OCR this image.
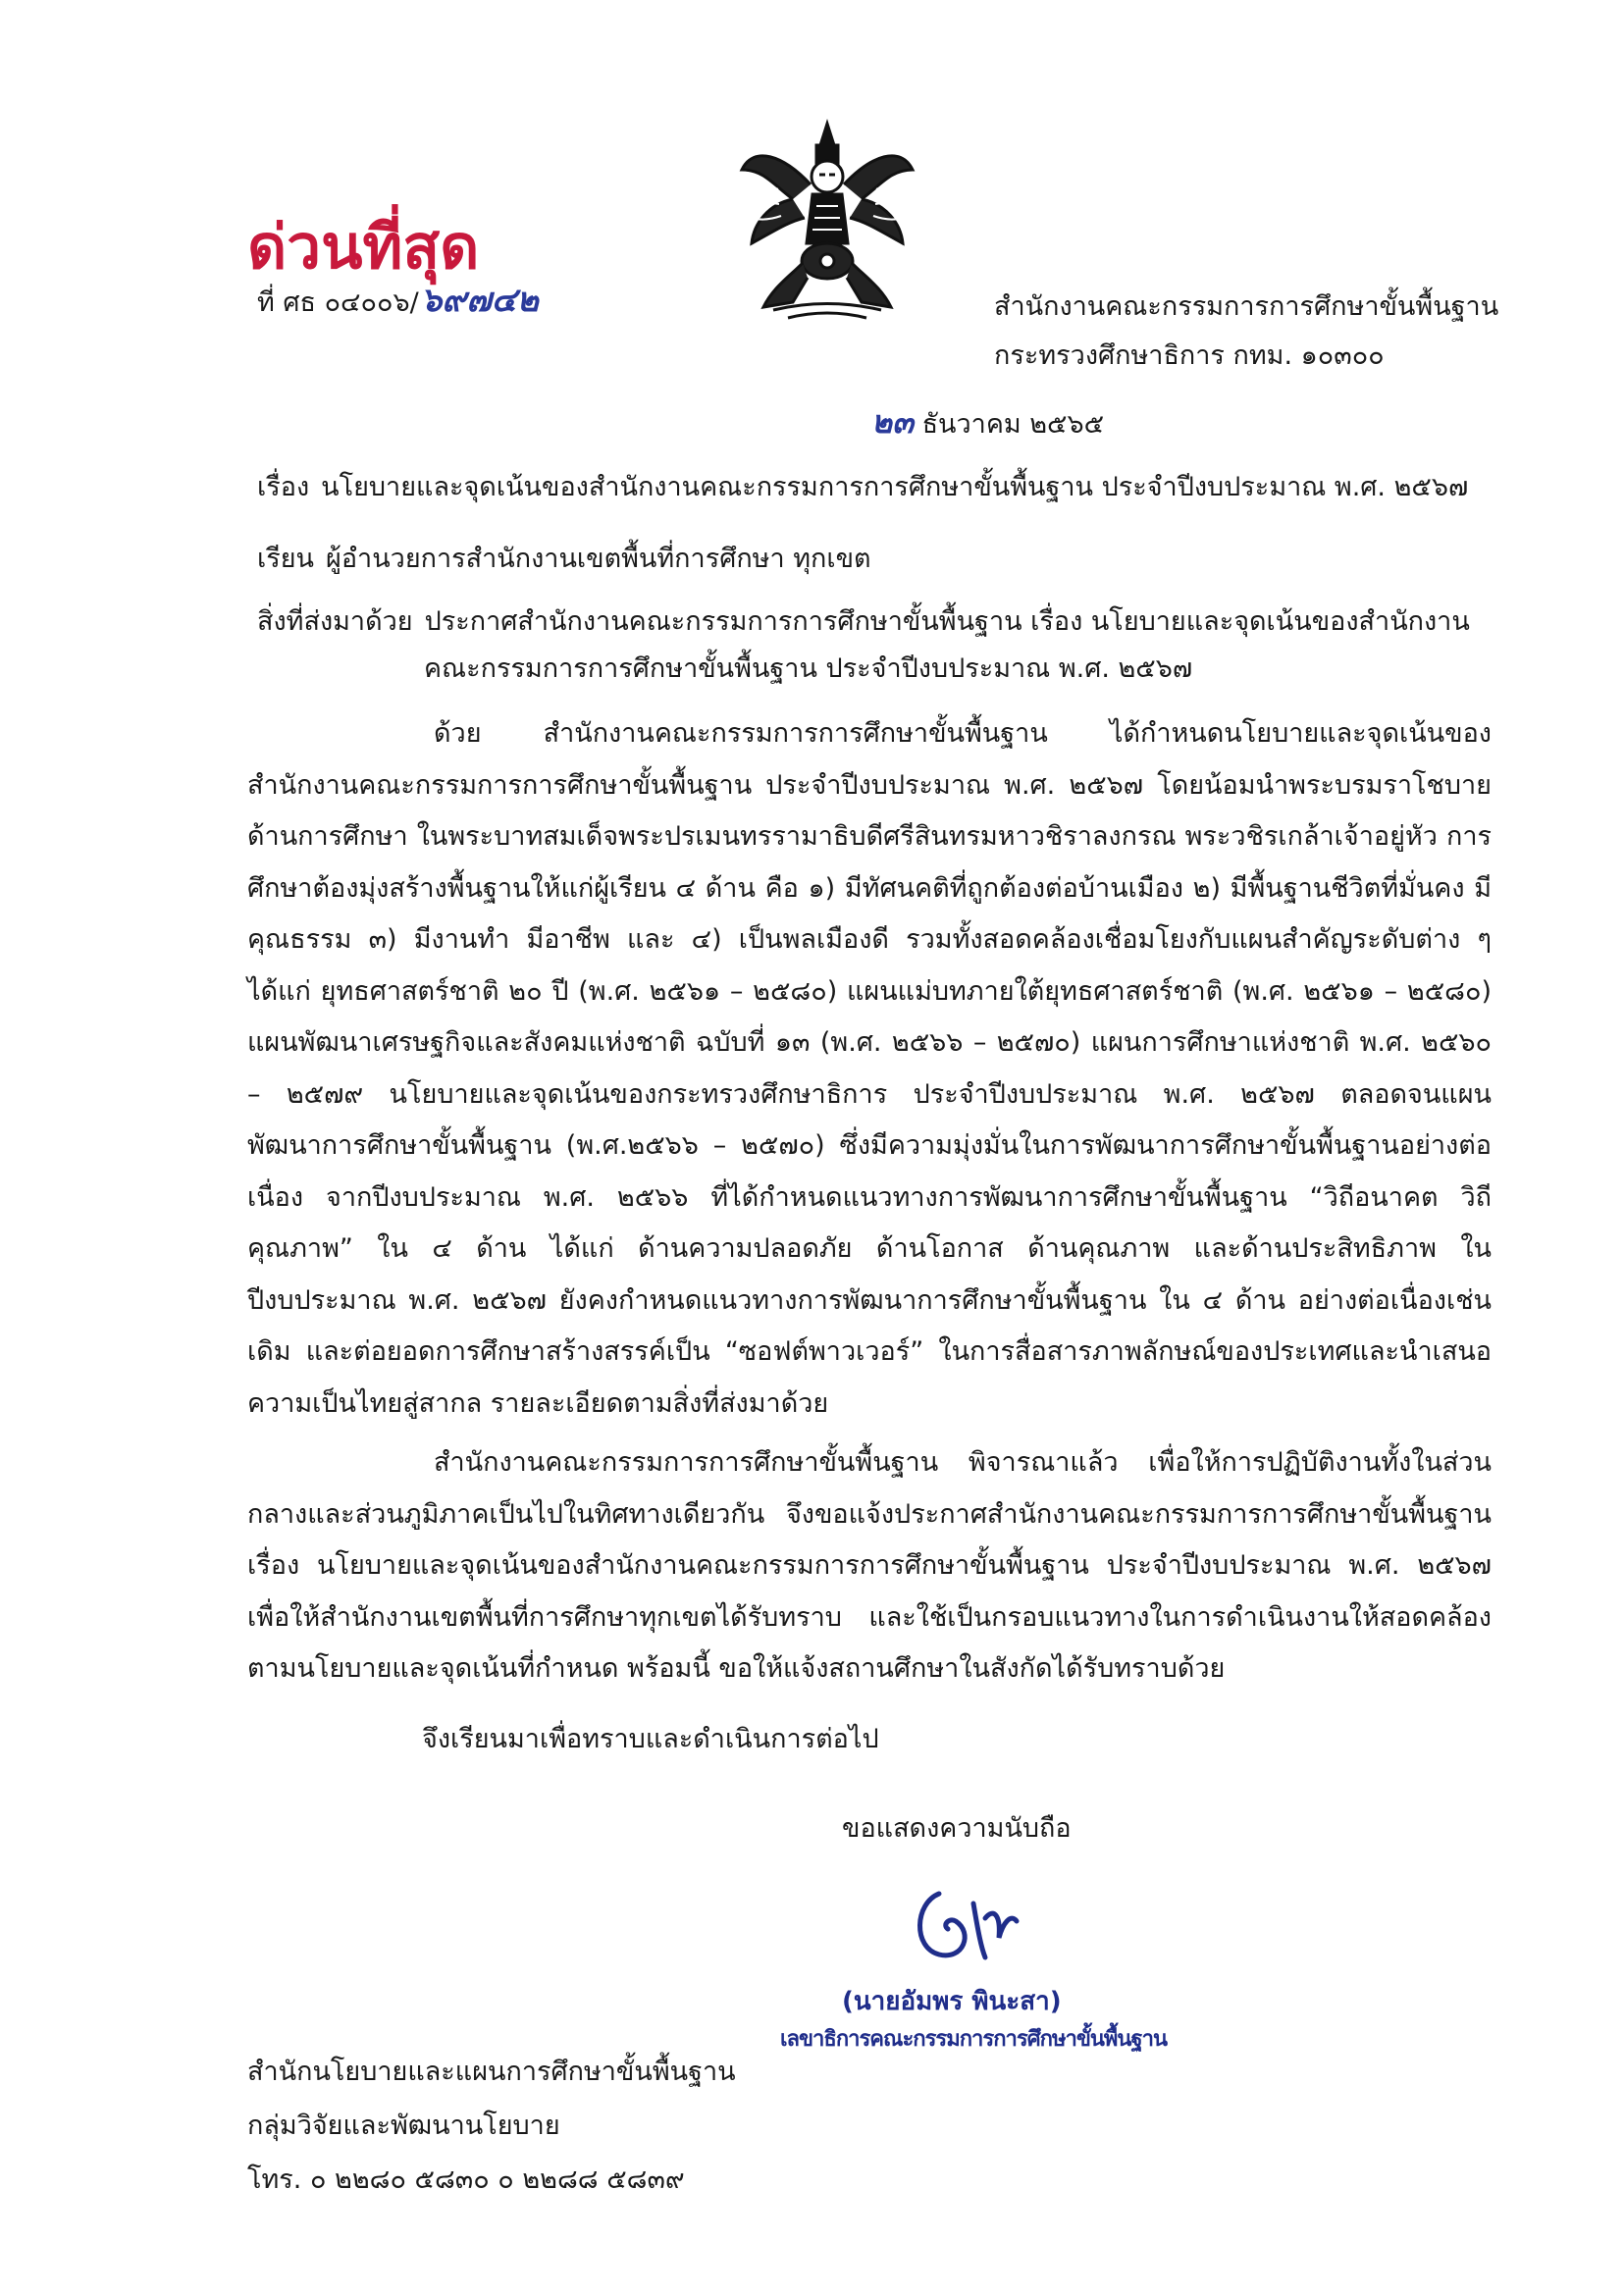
ด่วนที่สุด
ที่ ศธ ๐๔๐๐๖/๖๙๗๔๒	สำนักงานคณะกรรมการการศึกษาขั้นพื้นฐาน
กระทรวงศึกษาธิการ กทม. ๑๐๓๐๐
๒๓ ธันวาคม ๒๕๖๕
เรื่อง นโยบายและจุดเน้นของสำนักงานคณะกรรมการการศึกษาขั้นพื้นฐาน ประจำปีงบประมาณ พ.ศ. ๒๕๖๗
เรียน ผู้อำนวยการสำนักงานเขตพื้นที่การศึกษา ทุกเขต
สิ่งที่ส่งมาด้วย ประกาศสำนักงานคณะกรรมการการศึกษาขั้นพื้นฐาน เรื่อง นโยบายและจุดเน้นของสำนักงาน
คณะกรรมการการศึกษาขั้นพื้นฐาน ประจำปีงบประมาณ พ.ศ. ๒๕๖๗
ด้วย สำนักงานคณะกรรมการการศึกษาขั้นพื้นฐาน ได้กำหนดนโยบายและจุดเน้นของสำนักงานคณะกรรมการการศึกษาขั้นพื้นฐาน ประจำปีงบประมาณ พ.ศ. ๒๕๖๗ โดยน้อมนำพระบรมราโชบายด้านการศึกษา ในพระบาทสมเด็จพระปรเมนทรรามาธิบดีศรีสินทรมหาวชิราลงกรณ พระวชิรเกล้าเจ้าอยู่หัว การศึกษาต้องมุ่งสร้างพื้นฐานให้แก่ผู้เรียน ๔ ด้าน คือ ๑) มีทัศนคติที่ถูกต้องต่อบ้านเมือง ๒) มีพื้นฐานชีวิตที่มั่นคง มีคุณธรรม ๓) มีงานทำ มีอาชีพ และ ๔) เป็นพลเมืองดี รวมทั้งสอดคล้องเชื่อมโยงกับแผนสำคัญระดับต่าง ๆ ได้แก่ ยุทธศาสตร์ชาติ ๒๐ ปี (พ.ศ. ๒๕๖๑ – ๒๕๘๐) แผนแม่บทภายใต้ยุทธศาสตร์ชาติ (พ.ศ. ๒๕๖๑ – ๒๕๘๐) แผนพัฒนาเศรษฐกิจและสังคมแห่งชาติ ฉบับที่ ๑๓ (พ.ศ. ๒๕๖๖ – ๒๕๗๐) แผนการศึกษาแห่งชาติ พ.ศ. ๒๕๖๐ – ๒๕๗๙ นโยบายและจุดเน้นของกระทรวงศึกษาธิการ ประจำปีงบประมาณ พ.ศ. ๒๕๖๗ ตลอดจนแผนพัฒนาการศึกษาขั้นพื้นฐาน (พ.ศ.๒๕๖๖ – ๒๕๗๐) ซึ่งมีความมุ่งมั่นในการพัฒนาการศึกษาขั้นพื้นฐานอย่างต่อเนื่อง จากปีงบประมาณ พ.ศ. ๒๕๖๖ ที่ได้กำหนดแนวทางการพัฒนาการศึกษาขั้นพื้นฐาน “วิถีอนาคต วิถีคุณภาพ” ใน ๔ ด้าน ได้แก่ ด้านความปลอดภัย ด้านโอกาส ด้านคุณภาพ และด้านประสิทธิภาพ ในปีงบประมาณ พ.ศ. ๒๕๖๗ ยังคงกำหนดแนวทางการพัฒนาการศึกษาขั้นพื้นฐาน ใน ๔ ด้าน อย่างต่อเนื่องเช่นเดิม และต่อยอดการศึกษาสร้างสรรค์เป็น “ซอฟต์พาวเวอร์” ในการสื่อสารภาพลักษณ์ของประเทศและนำเสนอความเป็นไทยสู่สากล รายละเอียดตามสิ่งที่ส่งมาด้วย
สำนักงานคณะกรรมการการศึกษาขั้นพื้นฐาน พิจารณาแล้ว เพื่อให้การปฏิบัติงานทั้งในส่วนกลางและส่วนภูมิภาคเป็นไปในทิศทางเดียวกัน จึงขอแจ้งประกาศสำนักงานคณะกรรมการการศึกษาขั้นพื้นฐาน เรื่อง นโยบายและจุดเน้นของสำนักงานคณะกรรมการการศึกษาขั้นพื้นฐาน ประจำปีงบประมาณ พ.ศ. ๒๕๖๗ เพื่อให้สำนักงานเขตพื้นที่การศึกษาทุกเขตได้รับทราบ และใช้เป็นกรอบแนวทางในการดำเนินงานให้สอดคล้องตามนโยบายและจุดเน้นที่กำหนด พร้อมนี้ ขอให้แจ้งสถานศึกษาในสังกัดได้รับทราบด้วย
จึงเรียนมาเพื่อทราบและดำเนินการต่อไป
ขอแสดงความนับถือ
(นายอัมพร พินะสา)
เลขาธิการคณะกรรมการการศึกษาขั้นพื้นฐาน
สำนักนโยบายและแผนการศึกษาขั้นพื้นฐาน
กลุ่มวิจัยและพัฒนานโยบาย
โทร. ๐ ๒๒๘๐ ๕๘๓๐ ๐ ๒๒๘๘ ๕๘๓๙
